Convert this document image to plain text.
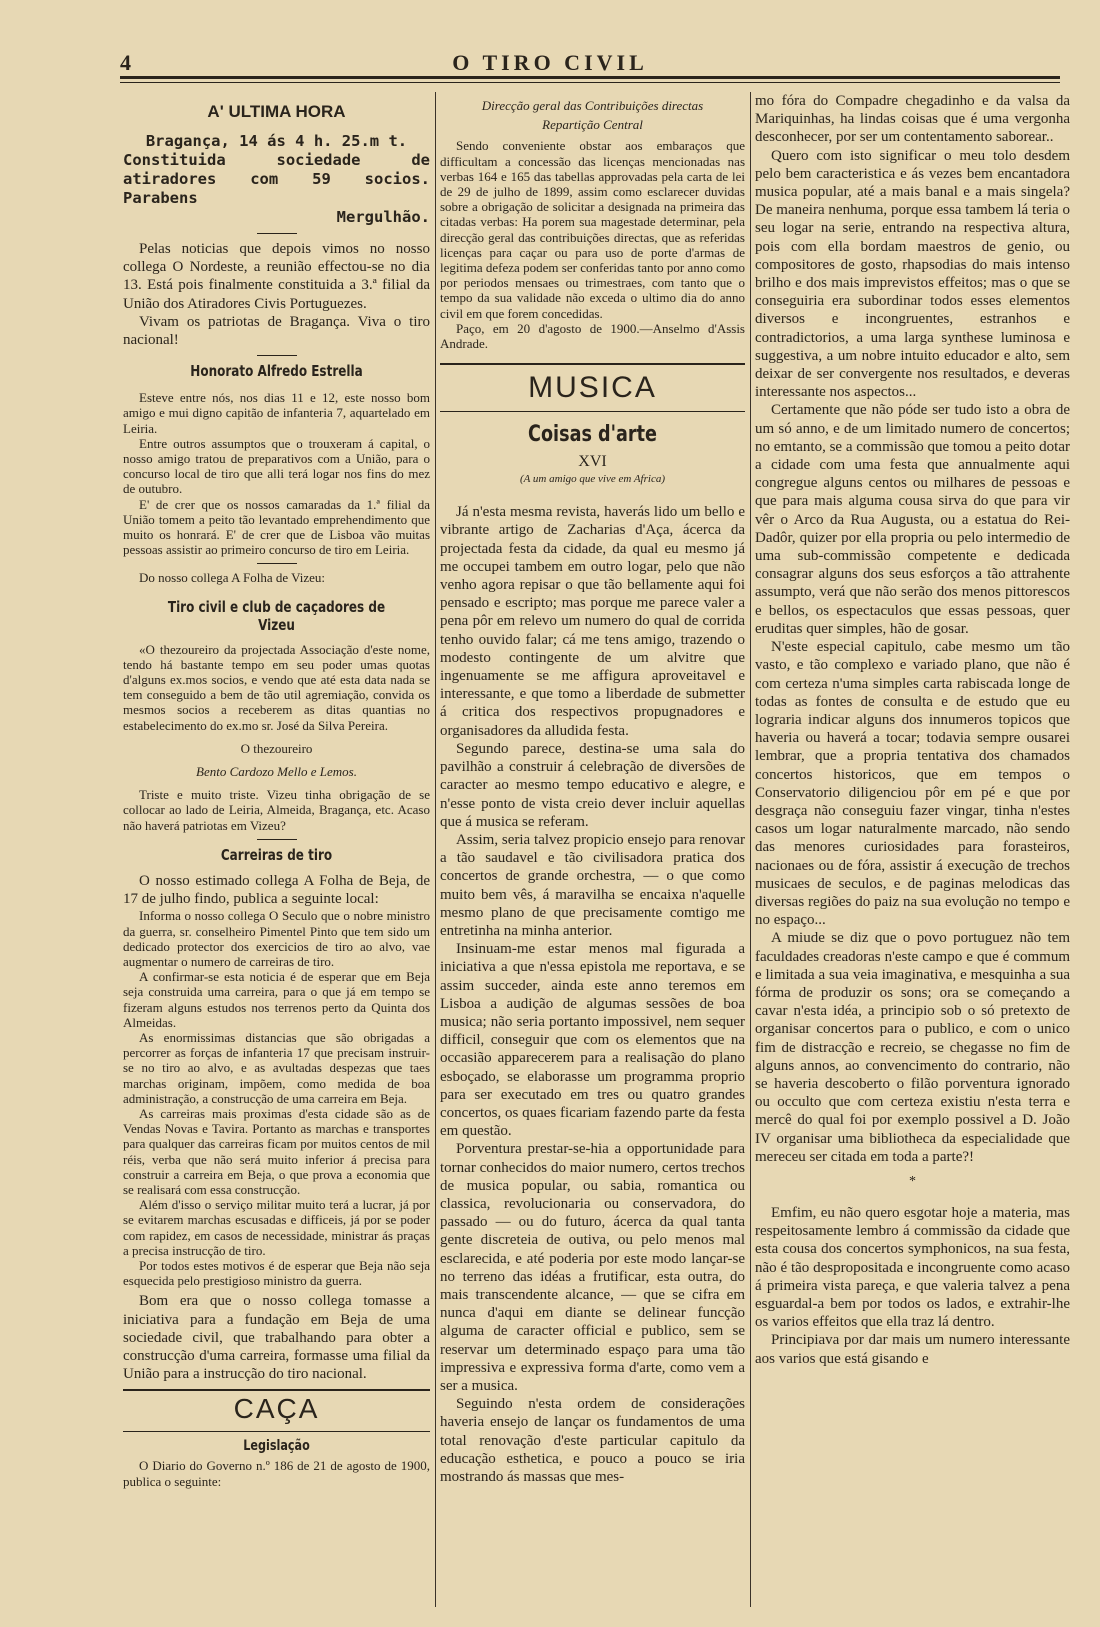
4	O TIRO CIVIL
A' ULTIMA HORA
Bragança, 14 ás 4 h. 25.m t.
Constituida sociedade de atiradores com 59 socios. Parabens
Mergulhão.

Pelas noticias que depois vimos no nosso collega O Nordeste, a reunião effectou-se no dia 13. Está pois finalmente constituida a 3.ª filial da União dos Atiradores Civis Portuguezes.

Vivam os patriotas de Bragança. Viva o tiro nacional!

Honorato Alfredo Estrella

Esteve entre nós, nos dias 11 e 12, este nosso bom amigo e mui digno capitão de infanteria 7, aquartelado em Leiria.

Entre outros assumptos que o trouxeram á capital, o nosso amigo tratou de preparativos com a União, para o concurso local de tiro que alli terá logar nos fins do mez de outubro.

E' de crer que os nossos camaradas da 1.ª filial da União tomem a peito tão levantado emprehendimento que muito os honrará. E' de crer que de Lisboa vão muitas pessoas assistir ao primeiro concurso de tiro em Leiria.

Do nosso collega A Folha de Vizeu:

Tiro civil e club de caçadores de Vizeu

«O thezoureiro da projectada Associação d'este nome, tendo há bastante tempo em seu poder umas quotas d'alguns ex.mos socios, e vendo que até esta data nada se tem conseguido a bem de tão util agremiação, convida os mesmos socios a receberem as ditas quantias no estabelecimento do ex.mo sr. José da Silva Pereira.

O thezoureiro

Bento Cardozo Mello e Lemos.

Triste e muito triste. Vizeu tinha obrigação de se collocar ao lado de Leiria, Almeida, Bragança, etc. Acaso não haverá patriotas em Vizeu?

Carreiras de tiro

O nosso estimado collega A Folha de Beja, de 17 de julho findo, publica a seguinte local:

Informa o nosso collega O Seculo que o nobre ministro da guerra, sr. conselheiro Pimentel Pinto que tem sido um dedicado protector dos exercicios de tiro ao alvo, vae augmentar o numero de carreiras de tiro.

A confirmar-se esta noticia é de esperar que em Beja seja construida uma carreira, para o que já em tempo se fizeram alguns estudos nos terrenos perto da Quinta dos Almeidas.

As enormissimas distancias que são obrigadas a percorrer as forças de infanteria 17 que precisam instruir-se no tiro ao alvo, e as avultadas despezas que taes marchas originam, impõem, como medida de boa administração, a construcção de uma carreira em Beja.

As carreiras mais proximas d'esta cidade são as de Vendas Novas e Tavira. Portanto as marchas e transportes para qualquer das carreiras ficam por muitos centos de mil réis, verba que não será muito inferior á precisa para construir a carreira em Beja, o que prova a economia que se realisará com essa construcção.

Além d'isso o serviço militar muito terá a lucrar, já por se evitarem marchas escusadas e difficeis, já por se poder com rapidez, em casos de necessidade, ministrar ás praças a precisa instrucção de tiro.

Por todos estes motivos é de esperar que Beja não seja esquecida pelo prestigioso ministro da guerra.

Bom era que o nosso collega tomasse a iniciativa para a fundação em Beja de uma sociedade civil, que trabalhando para obter a construcção d'uma carreira, formasse uma filial da União para a instrucção do tiro nacional.

CAÇA
Legislação

O Diario do Governo n.º 186 de 21 de agosto de 1900, publica o seguinte:

Direcção geral das Contribuições directas

Repartição Central

Sendo conveniente obstar aos embaraços que difficultam a concessão das licenças mencionadas nas verbas 164 e 165 das tabellas approvadas pela carta de lei de 29 de julho de 1899, assim como esclarecer duvidas sobre a obrigação de solicitar a designada na primeira das citadas verbas: Ha porem sua magestade determinar, pela direcção geral das contribuições directas, que as referidas licenças para caçar ou para uso de porte d'armas de legitima defeza podem ser conferidas tanto por anno como por periodos mensaes ou trimestraes, com tanto que o tempo da sua validade não exceda o ultimo dia do anno civil em que forem concedidas.

Paço, em 20 d'agosto de 1900.—Anselmo d'Assis Andrade.

MUSICA
Coisas d'arte
XVI
(A um amigo que vive em Africa)

Já n'esta mesma revista, haverás lido um bello e vibrante artigo de Zacharias d'Aça, ácerca da projectada festa da cidade, da qual eu mesmo já me occupei tambem em outro logar, pelo que não venho agora repisar o que tão bellamente aqui foi pensado e escripto; mas porque me parece valer a pena pôr em relevo um numero do qual de corrida tenho ouvido falar; cá me tens amigo, trazendo o modesto contingente de um alvitre que ingenuamente se me affigura aproveitavel e interessante, e que tomo a liberdade de submetter á critica dos respectivos propugnadores e organisadores da alludida festa.

Segundo parece, destina-se uma sala do pavilhão a construir á celebração de diversões de caracter ao mesmo tempo educativo e alegre, e n'esse ponto de vista creio dever incluir aquellas que á musica se referam.

Assim, seria talvez propicio ensejo para renovar a tão saudavel e tão civilisadora pratica dos concertos de grande orchestra, — o que como muito bem vês, á maravilha se encaixa n'aquelle mesmo plano de que precisamente comtigo me entretinha na minha anterior.

Insinuam-me estar menos mal figurada a iniciativa a que n'essa epistola me reportava, e se assim succeder, ainda este anno teremos em Lisboa a audição de algumas sessões de boa musica; não seria portanto impossivel, nem sequer difficil, conseguir que com os elementos que na occasião apparecerem para a realisação do plano esboçado, se elaborasse um programma proprio para ser executado em tres ou quatro grandes concertos, os quaes ficariam fazendo parte da festa em questão.

Porventura prestar-se-hia a opportunidade para tornar conhecidos do maior numero, certos trechos de musica popular, ou sabia, romantica ou classica, revolucionaria ou conservadora, do passado — ou do futuro, ácerca da qual tanta gente discreteia de outiva, ou pelo menos mal esclarecida, e até poderia por este modo lançar-se no terreno das idéas a frutificar, esta outra, do mais transcendente alcance, — que se cifra em nunca d'aqui em diante se delinear funcção alguma de caracter official e publico, sem se reservar um determinado espaço para uma tão impressiva e expressiva forma d'arte, como vem a ser a musica.

Seguindo n'esta ordem de considerações haveria ensejo de lançar os fundamentos de uma total renovação d'este particular capitulo da educação esthetica, e pouco a pouco se iria mostrando ás massas que mes-

mo fóra do Compadre chegadinho e da valsa da Mariquinhas, ha lindas coisas que é uma vergonha desconhecer, por ser um contentamento saborear..

Quero com isto significar o meu tolo desdem pelo bem caracteristica e ás vezes bem encantadora musica popular, até a mais banal e a mais singela? De maneira nenhuma, porque essa tambem lá teria o seu logar na serie, entrando na respectiva altura, pois com ella bordam maestros de genio, ou compositores de gosto, rhapsodias do mais intenso brilho e dos mais imprevistos effeitos; mas o que se conseguiria era subordinar todos esses elementos diversos e incongruentes, estranhos e contradictorios, a uma larga synthese luminosa e suggestiva, a um nobre intuito educador e alto, sem deixar de ser convergente nos resultados, e deveras interessante nos aspectos...

Certamente que não póde ser tudo isto a obra de um só anno, e de um limitado numero de concertos; no emtanto, se a commissão que tomou a peito dotar a cidade com uma festa que annualmente aqui congregue alguns centos ou milhares de pessoas e que para mais alguma cousa sirva do que para vir vêr o Arco da Rua Augusta, ou a estatua do Rei-Dadôr, quizer por ella propria ou pelo intermedio de uma sub-commissão competente e dedicada consagrar alguns dos seus esforços a tão attrahente assumpto, verá que não serão dos menos pittorescos e bellos, os espectaculos que essas pessoas, quer eruditas quer simples, hão de gosar.

N'este especial capitulo, cabe mesmo um tão vasto, e tão complexo e variado plano, que não é com certeza n'uma simples carta rabiscada longe de todas as fontes de consulta e de estudo que eu lograria indicar alguns dos innumeros topicos que haveria ou haverá a tocar; todavia sempre ousarei lembrar, que a propria tentativa dos chamados concertos historicos, que em tempos o Conservatorio diligenciou pôr em pé e que por desgraça não conseguiu fazer vingar, tinha n'estes casos um logar naturalmente marcado, não sendo das menores curiosidades para forasteiros, nacionaes ou de fóra, assistir á execução de trechos musicaes de seculos, e de paginas melodicas das diversas regiões do paiz na sua evolução no tempo e no espaço...

A miude se diz que o povo portuguez não tem faculdades creadoras n'este campo e que é commum e limitada a sua veia imaginativa, e mesquinha a sua fórma de produzir os sons; ora se começando a cavar n'esta idéa, a principio sob o só pretexto de organisar concertos para o publico, e com o unico fim de distracção e recreio, se chegasse no fim de alguns annos, ao convencimento do contrario, não se haveria descoberto o filão porventura ignorado ou occulto que com certeza existiu n'esta terra e mercê do qual foi por exemplo possivel a D. João IV organisar uma bibliotheca da especialidade que mereceu ser citada em toda a parte?!

*

Emfim, eu não quero esgotar hoje a materia, mas respeitosamente lembro á commissão da cidade que esta cousa dos concertos symphonicos, na sua festa, não é tão despropositada e incongruente como acaso á primeira vista pareça, e que valeria talvez a pena esguardal-a bem por todos os lados, e extrahir-lhe os varios effeitos que ella traz lá dentro.

Principiava por dar mais um numero interessante aos varios que está gisando e
